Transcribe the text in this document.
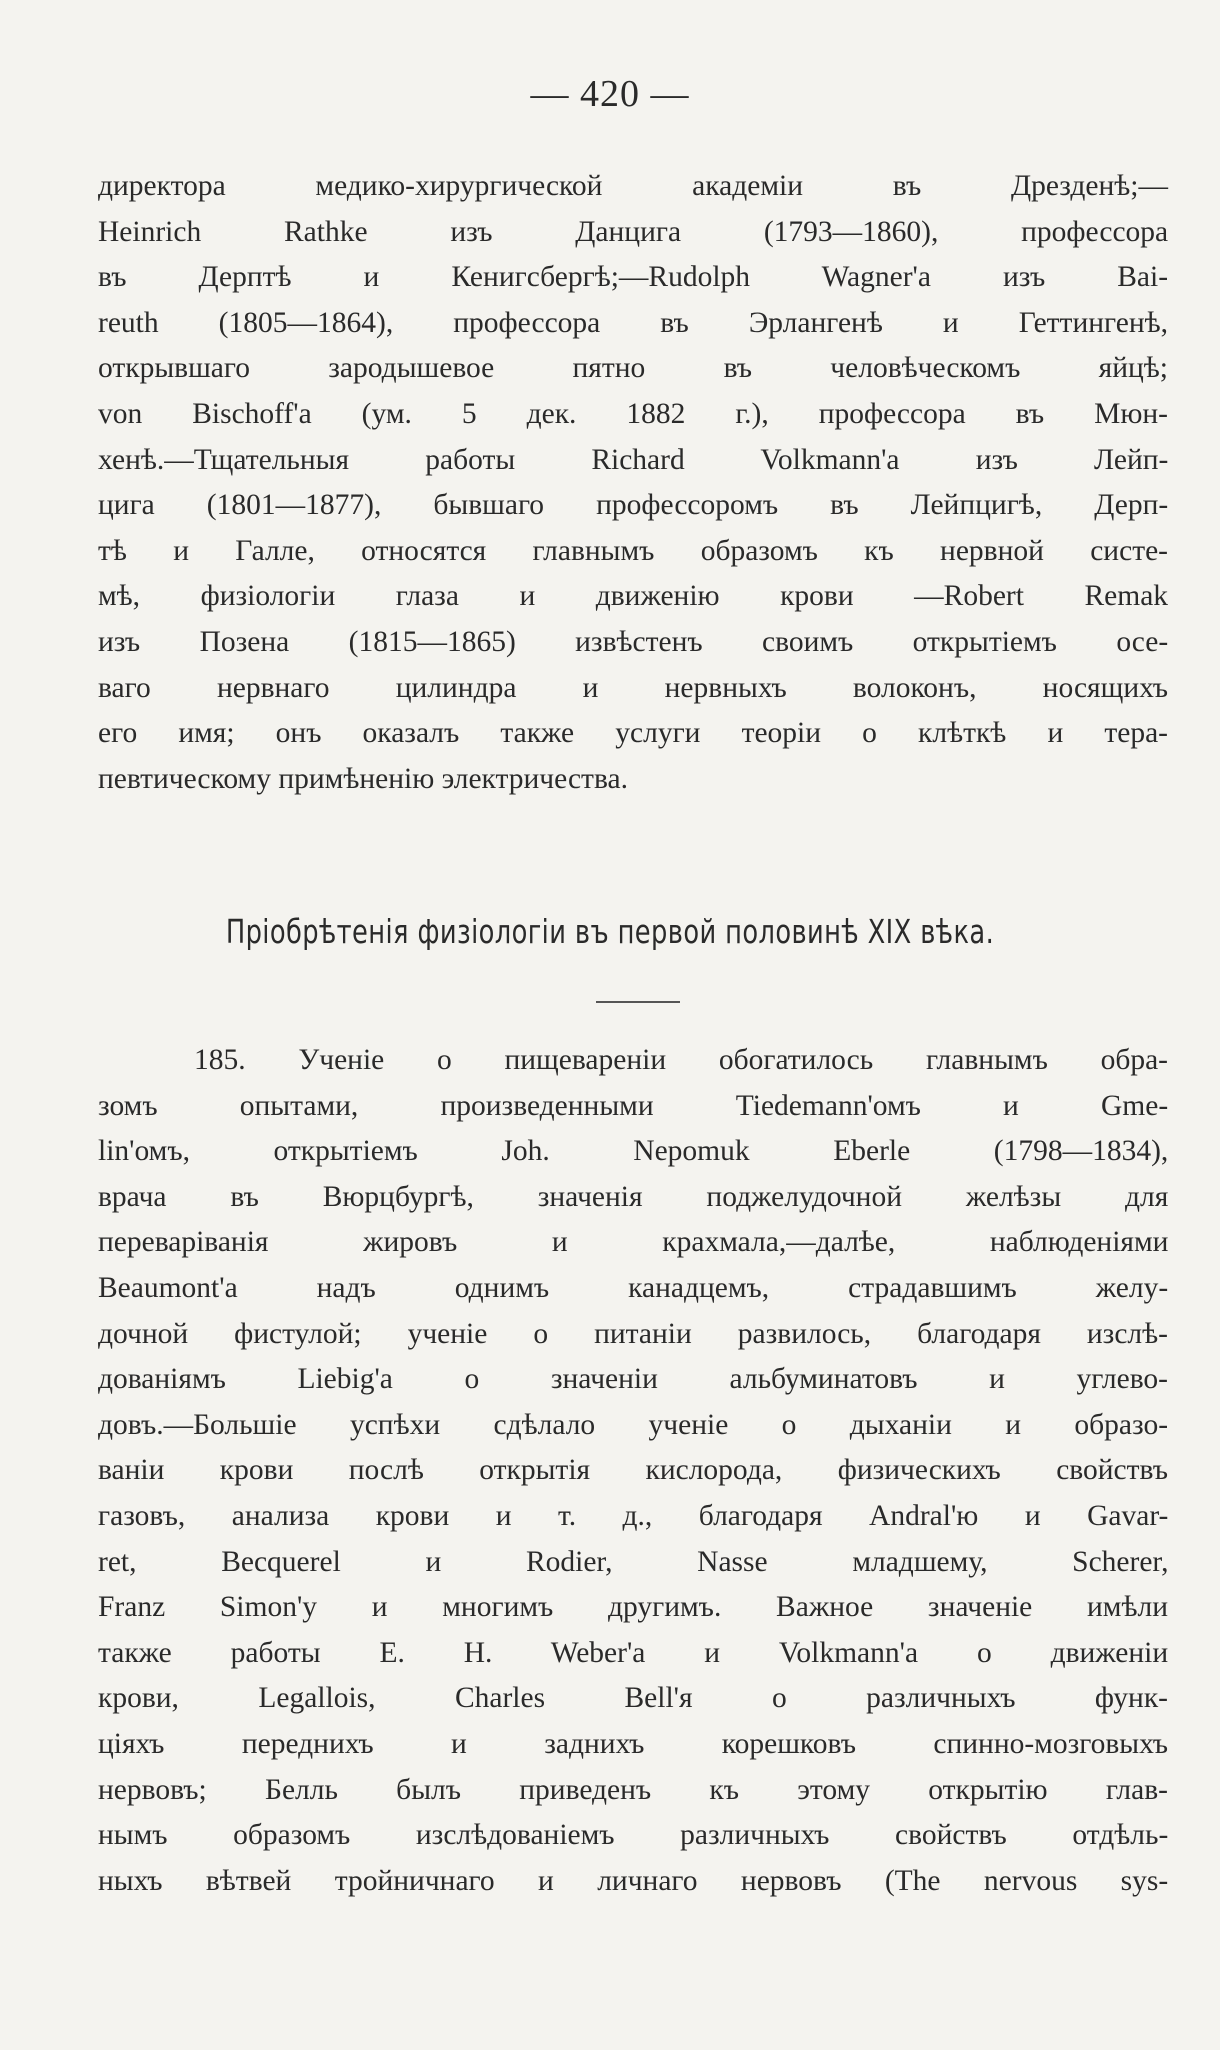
— 420 —
директора медико-хирургической академіи въ Дрезденѣ;—
Heinrich Rathke изъ Данцига (1793—1860), профессора
въ Дерптѣ и Кенигсбергѣ;—Rudolph Wagner'а изъ Bai-
reuth (1805—1864), профессора въ Эрлангенѣ и Геттингенѣ,
открывшаго зародышевое пятно въ человѣческомъ яйцѣ;
von Bischoff'а (ум. 5 дек. 1882 г.), профессора въ Мюн-
хенѣ.—Тщательныя работы Richard Volkmann'а изъ Лейп-
цига (1801—1877), бывшаго профессоромъ въ Лейпцигѣ, Дерп-
тѣ и Галле, относятся главнымъ образомъ къ нервной систе-
мѣ, физіологіи глаза и движенію крови —Robert Remak
изъ Позена (1815—1865) извѣстенъ своимъ открытіемъ осе-
ваго нервнаго цилиндра и нервныхъ волоконъ, носящихъ
его имя; онъ оказалъ также услуги теоріи о клѣткѣ и тера-
певтическому примѣненію электричества.
Пріобрѣтенія физіологіи въ первой половинѣ XIX вѣка.
185. Ученіе о пищевареніи обогатилось главнымъ обра-
зомъ опытами, произведенными Tiedemann'омъ и Gme-
lin'омъ, открытіемъ Joh. Nepomuk Eberle (1798—1834),
врача въ Вюрцбургѣ, значенія поджелудочной желѣзы для
переваріванія жировъ и крахмала,—далѣе, наблюденіями
Beaumont'а надъ однимъ канадцемъ, страдавшимъ желу-
дочной фистулой; ученіе о питаніи развилось, благодаря изслѣ-
дованіямъ Liebig'а о значеніи альбуминатовъ и углево-
довъ.—Большіе успѣхи сдѣлало ученіе о дыханіи и образо-
ваніи крови послѣ открытія кислорода, физическихъ свойствъ
газовъ, анализа крови и т. д., благодаря Andral'ю и Gavar-
ret, Becquerel и Rodier, Nasse младшему, Scherer,
Franz Simon'у и многимъ другимъ. Важное значеніе имѣли
также работы E. H. Weber'а и Volkmann'а о движеніи
крови, Legallois, Charles Bell'я о различныхъ функ-
ціяхъ переднихъ и заднихъ корешковъ спинно-мозговыхъ
нервовъ; Белль былъ приведенъ къ этому открытію глав-
нымъ образомъ изслѣдованіемъ различныхъ свойствъ отдѣль-
ныхъ вѣтвей тройничнаго и личнаго нервовъ (The nervous sys-
